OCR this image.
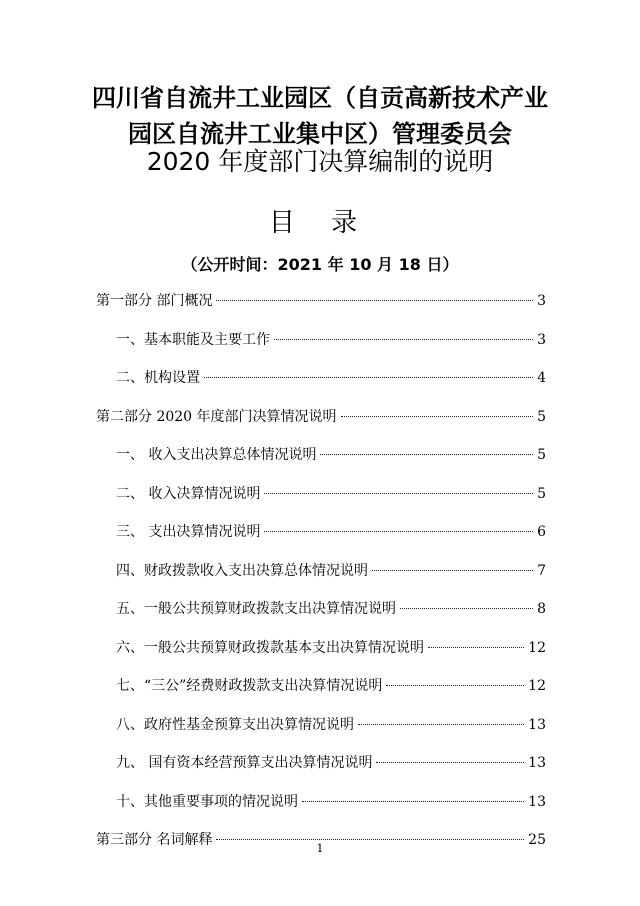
四川省自流井工业园区（自贡高新技术产业
园区自流井工业集中区）管理委员会
2020 年度部门决算编制的说明
目 录
（公开时间：2021 年 10 月 18 日）
第一部分 部门概况	3
一、基本职能及主要工作	3
二、机构设置	4
第二部分 2020 年度部门决算情况说明	5
一、 收入支出决算总体情况说明	5
二、 收入决算情况说明	5
三、 支出决算情况说明	6
四、财政拨款收入支出决算总体情况说明	7
五、一般公共预算财政拨款支出决算情况说明	8
六、一般公共预算财政拨款基本支出决算情况说明	12
七、“三公”经费财政拨款支出决算情况说明	12
八、政府性基金预算支出决算情况说明	13
九、 国有资本经营预算支出决算情况说明	13
十、其他重要事项的情况说明	13
第三部分 名词解释	25
1
